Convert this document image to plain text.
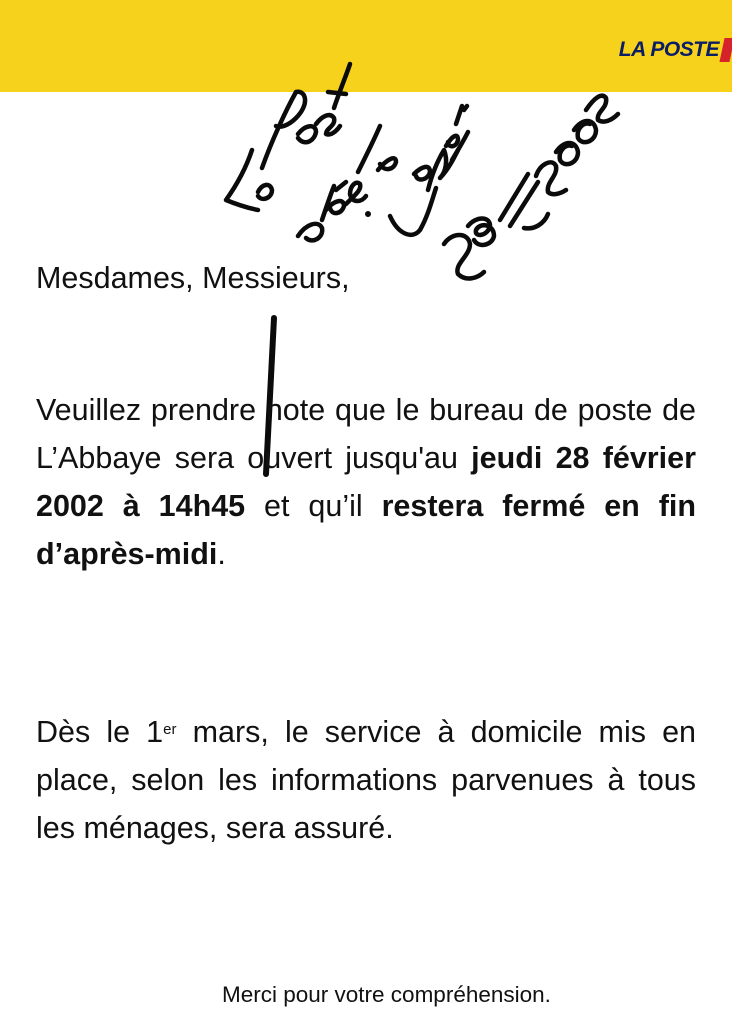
LA POSTE
Mesdames, Messieurs,
Veuillez prendre note que le bureau de poste de L’Abbaye sera ouvert jusqu'au jeudi 28 février 2002 à 14h45 et qu’il restera fermé en fin d’après-midi.
Dès le 1er mars, le service à domicile mis en place, selon les informations parvenues à tous les ménages, sera assuré.
Merci pour votre compréhension.
